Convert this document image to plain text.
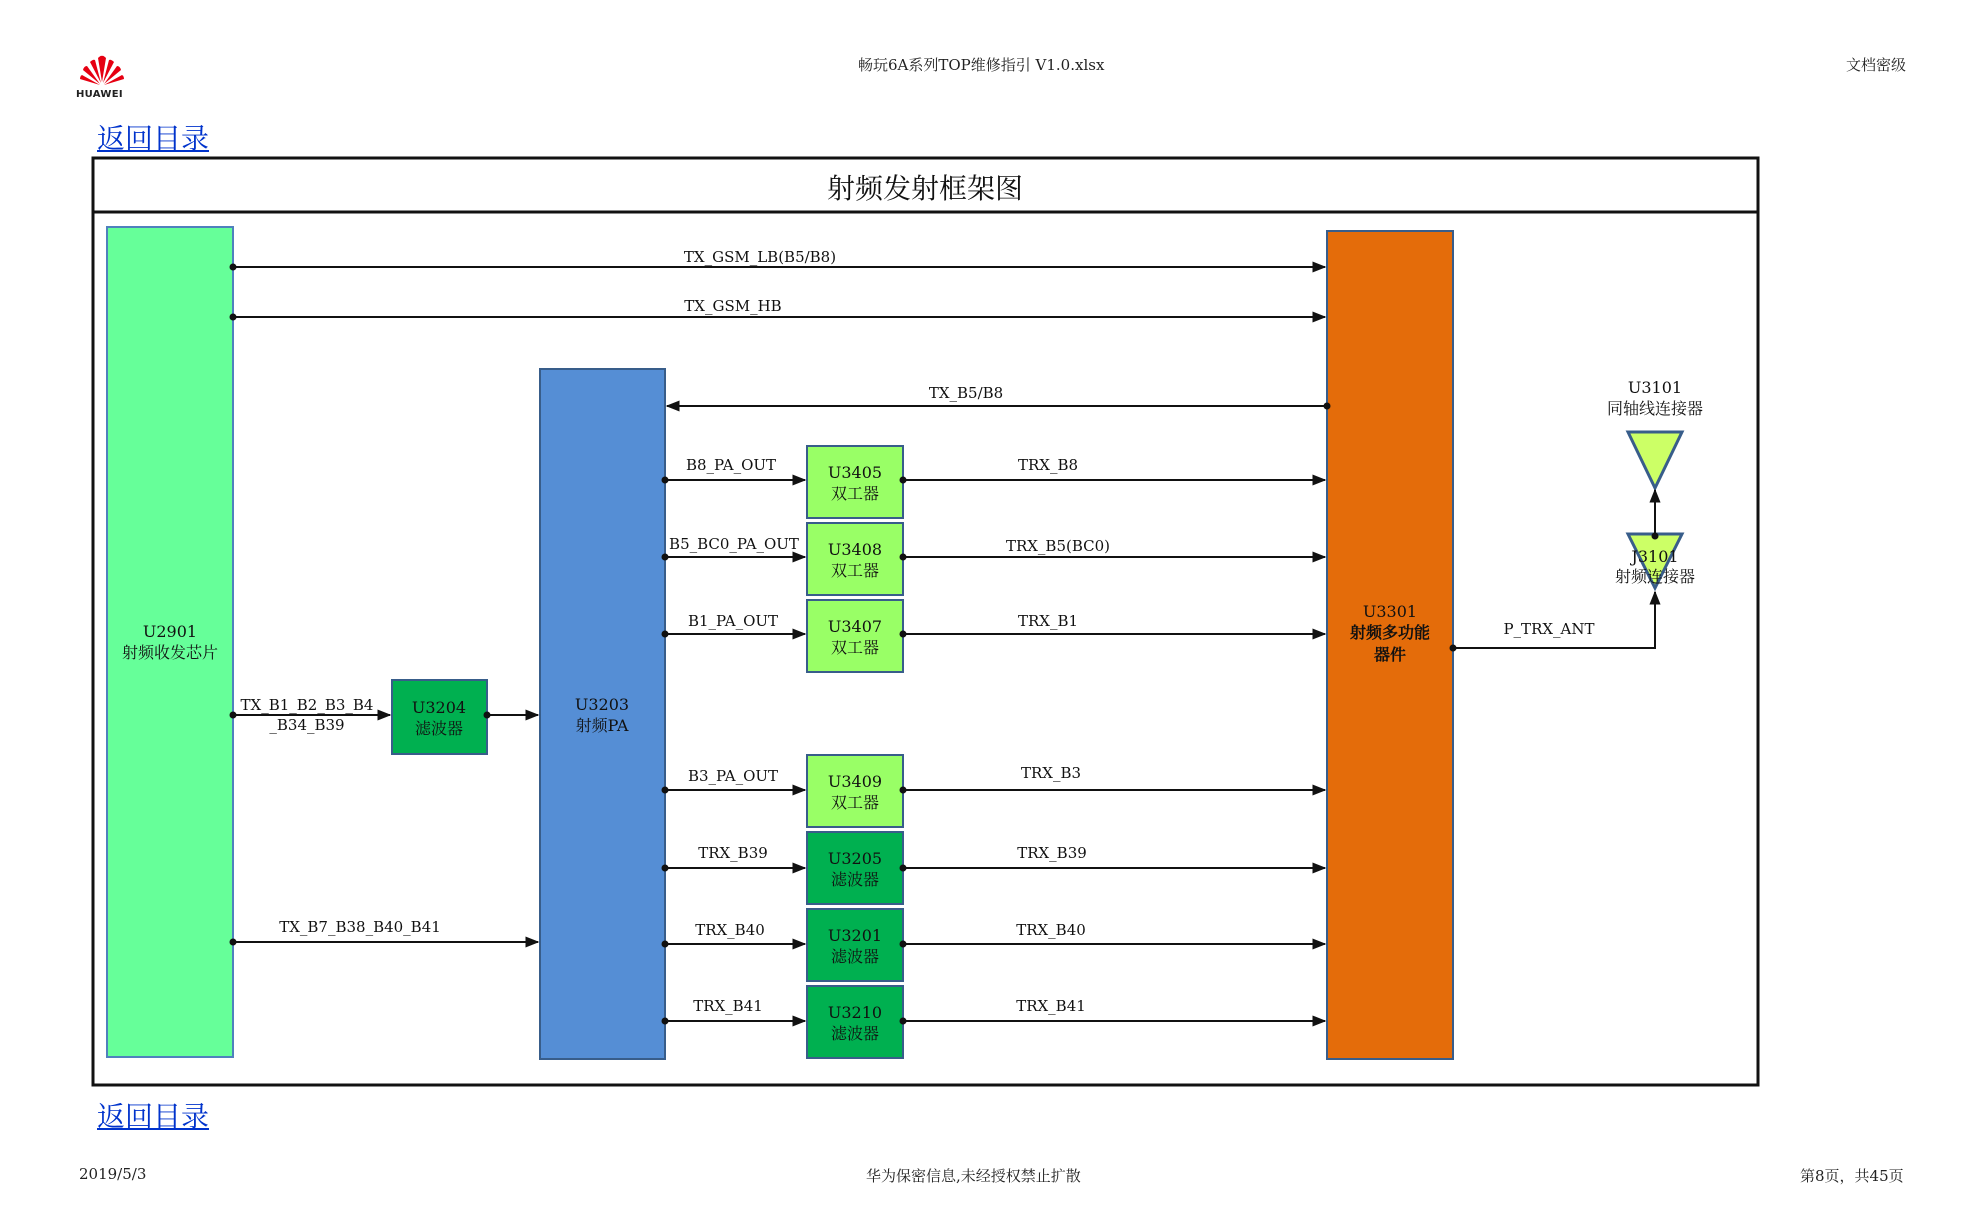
HUAWEI
畅玩6A系列TOP维修指引 V1.0.xlsx	文档密级
返回目录
射频发射框架图
U2901
射频收发芯片
U3203
射频PA
U3301
射频多功能
器件
U3204
滤波器
U3405
双工器
U3408
双工器
U3407
双工器
U3409
双工器
U3205
滤波器
U3201
滤波器
U3210
滤波器
U3101
同轴线连接器
J3101
射频连接器
TX_GSM_LB(B5/B8)
TX_GSM_HB
TX_B5/B8
B8_PA_OUT
B5_BC0_PA_OUT
B1_PA_OUT
B3_PA_OUT
TRX_B39
TRX_B40
TRX_B41
TRX_B8
TRX_B5(BC0)
TRX_B1
TRX_B3
TRX_B39
TRX_B40
TRX_B41
TX_B1_B2_B3_B4
_B34_B39
TX_B7_B38_B40_B41
P_TRX_ANT
返回目录
2019/5/3	华为保密信息,未经授权禁止扩散	第8页，共45页
